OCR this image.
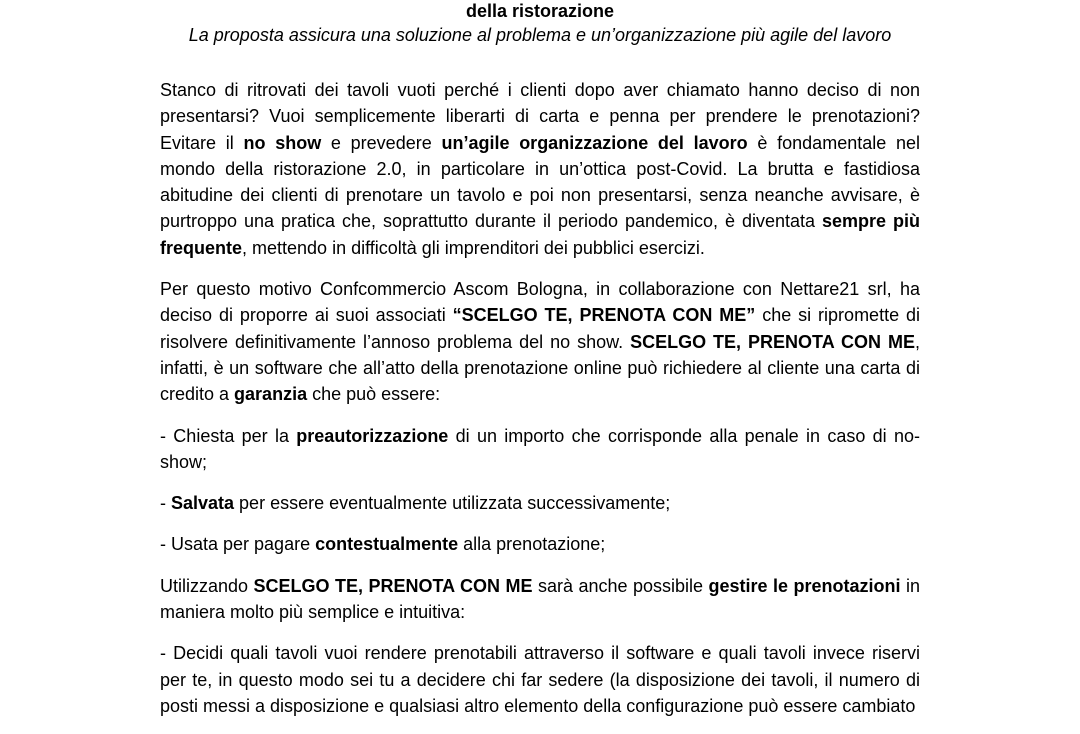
della ristorazione
La proposta assicura una soluzione al problema e un’organizzazione più agile del lavoro

Stanco di ritrovati dei tavoli vuoti perché i clienti dopo aver chiamato hanno deciso di non presentarsi? Vuoi semplicemente liberarti di carta e penna per prendere le prenotazioni? Evitare il no show e prevedere un’agile organizzazione del lavoro è fondamentale nel mondo della ristorazione 2.0, in particolare in un’ottica post-Covid. La brutta e fastidiosa abitudine dei clienti di prenotare un tavolo e poi non presentarsi, senza neanche avvisare, è purtroppo una pratica che, soprattutto durante il periodo pandemico, è diventata sempre più frequente, mettendo in difficoltà gli imprenditori dei pubblici esercizi.

Per questo motivo Confcommercio Ascom Bologna, in collaborazione con Nettare21 srl, ha deciso di proporre ai suoi associati “SCELGO TE, PRENOTA CON ME” che si ripromette di risolvere definitivamente l’annoso problema del no show. SCELGO TE, PRENOTA CON ME, infatti, è un software che all’atto della prenotazione online può richiedere al cliente una carta di credito a garanzia che può essere:

- Chiesta per la preautorizzazione di un importo che corrisponde alla penale in caso di no-show;

- Salvata per essere eventualmente utilizzata successivamente;

- Usata per pagare contestualmente alla prenotazione;

Utilizzando SCELGO TE, PRENOTA CON ME sarà anche possibile gestire le prenotazioni in maniera molto più semplice e intuitiva:

- Decidi quali tavoli vuoi rendere prenotabili attraverso il software e quali tavoli invece riservi per te, in questo modo sei tu a decidere chi far sedere (la disposizione dei tavoli, il numero di posti messi a disposizione e qualsiasi altro elemento della configurazione può essere cambiato
